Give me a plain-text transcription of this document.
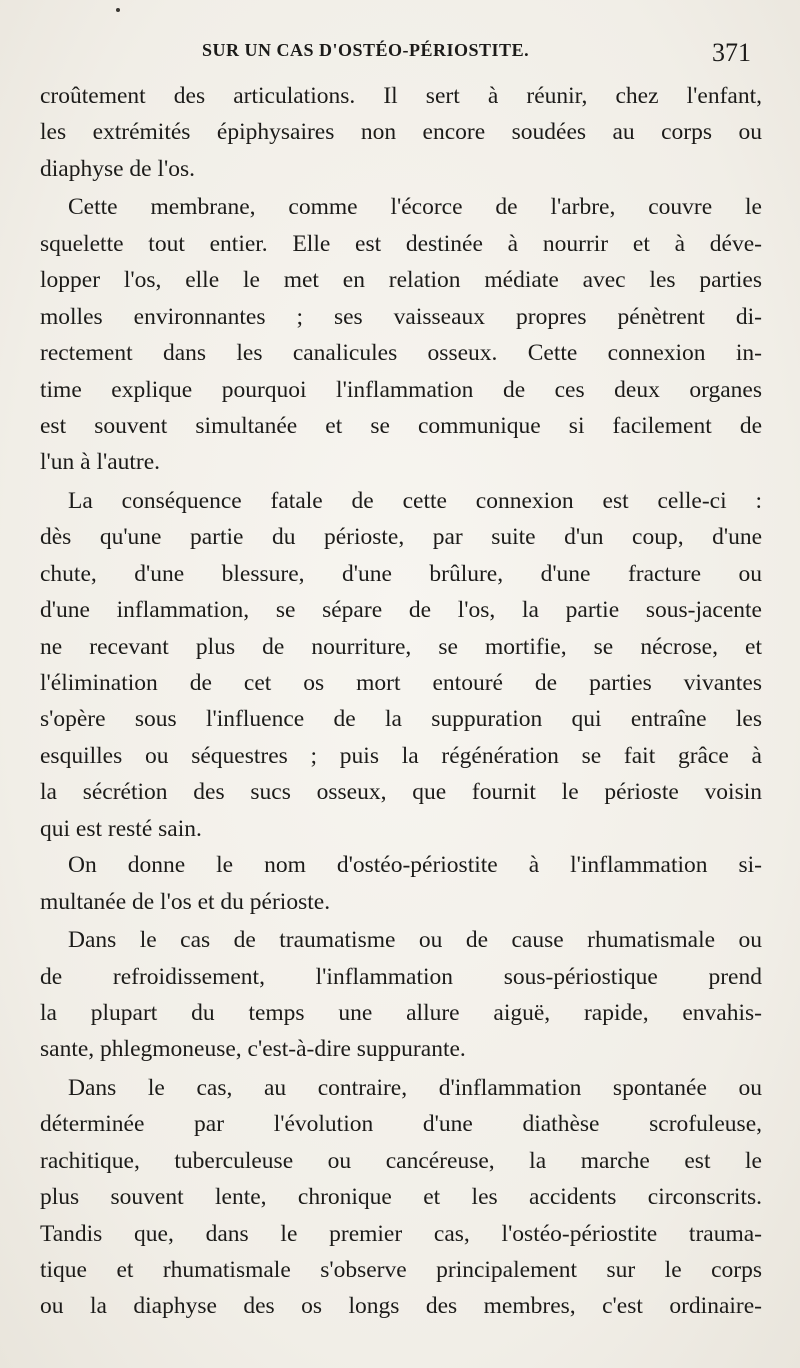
SUR UN CAS D'OSTÉO-PÉRIOSTITE.	371
croûtement des articulations. Il sert à réunir, chez l'enfant,
les extrémités épiphysaires non encore soudées au corps ou
diaphyse de l'os.
Cette membrane, comme l'écorce de l'arbre, couvre le
squelette tout entier. Elle est destinée à nourrir et à déve-
lopper l'os, elle le met en relation médiate avec les parties
molles environnantes ; ses vaisseaux propres pénètrent di-
rectement dans les canalicules osseux. Cette connexion in-
time explique pourquoi l'inflammation de ces deux organes
est souvent simultanée et se communique si facilement de
l'un à l'autre.
La conséquence fatale de cette connexion est celle-ci :
dès qu'une partie du périoste, par suite d'un coup, d'une
chute, d'une blessure, d'une brûlure, d'une fracture ou
d'une inflammation, se sépare de l'os, la partie sous-jacente
ne recevant plus de nourriture, se mortifie, se nécrose, et
l'élimination de cet os mort entouré de parties vivantes
s'opère sous l'influence de la suppuration qui entraîne les
esquilles ou séquestres ; puis la régénération se fait grâce à
la sécrétion des sucs osseux, que fournit le périoste voisin
qui est resté sain.
On donne le nom d'ostéo-périostite à l'inflammation si-
multanée de l'os et du périoste.
Dans le cas de traumatisme ou de cause rhumatismale ou
de refroidissement, l'inflammation sous-périostique prend
la plupart du temps une allure aiguë, rapide, envahis-
sante, phlegmoneuse, c'est-à-dire suppurante.
Dans le cas, au contraire, d'inflammation spontanée ou
déterminée par l'évolution d'une diathèse scrofuleuse,
rachitique, tuberculeuse ou cancéreuse, la marche est le
plus souvent lente, chronique et les accidents circonscrits.
Tandis que, dans le premier cas, l'ostéo-périostite trauma-
tique et rhumatismale s'observe principalement sur le corps
ou la diaphyse des os longs des membres, c'est ordinaire-
